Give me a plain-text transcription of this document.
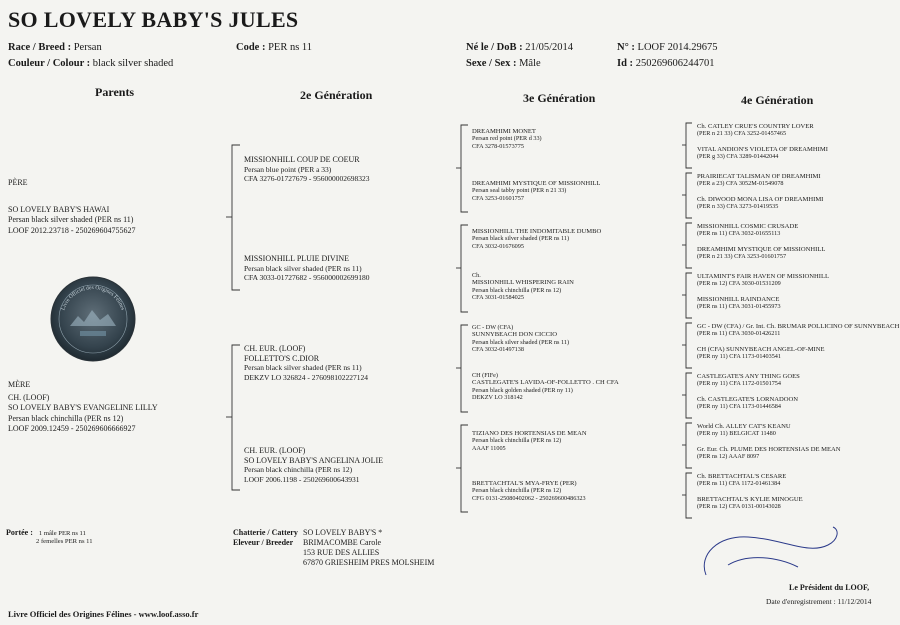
SO LOVELY BABY'S JULES
Race / Breed : Persan
Couleur / Colour : black silver shaded
Code : PER ns 11	Né le / DoB : 21/05/2014
Sexe / Sex : Mâle
N° : LOOF 2014.29675
Id : 250269606244701
Parents	2e Génération	3e Génération	4e Génération
PÈRE
SO LOVELY BABY'S HAWAI
Persan black silver shaded (PER ns 11)
LOOF 2012.23718 - 250269604755627
MÈRE
CH. (LOOF)
SO LOVELY BABY'S EVANGELINE LILLY
Persan black chinchilla (PER ns 12)
LOOF 2009.12459 - 250269606666927
Livre Officiel des Origines Félines
MISSIONHILL COUP DE COEUR
Persan blue point (PER a 33)
CFA 3276-01727679 - 956000002698323
MISSIONHILL PLUIE DIVINE
Persan black silver shaded (PER ns 11)
CFA 3033-01727682 - 956000002699180
CH. EUR. (LOOF)
FOLLETTO'S C.DIOR
Persan black silver shaded (PER ns 11)
DEKZV LO 326824 - 276098102227124
CH. EUR. (LOOF)
SO LOVELY BABY'S ANGELINA JOLIE
Persan black chinchilla (PER ns 12)
LOOF 2006.1198 - 250269600643931
DREAMHIMI MONET
Persan red point (PER d 33)
CFA 3278-01573775
DREAMHIMI MYSTIQUE OF MISSIONHILL
Persan seal tabby point (PER n 21 33)
CFA 3253-01601757
MISSIONHILL THE INDOMITABLE DUMBO
Persan black silver shaded (PER ns 11)
CFA 3032-01676095
Ch.
MISSIONHILL WHISPERING RAIN
Persan black chinchilla (PER ns 12)
CFA 3031-01584025
GC - DW (CFA)
SUNNYBEACH DON CICCIO
Persan black silver shaded (PER ns 11)
CFA 3032-01497138
CH (FIFe)
CASTLEGATE'S LAVIDA-OF-FOLLETTO . CH CFA
Persan black golden shaded (PER ny 11)
DEKZV LO 318142
TIZIANO DES HORTENSIAS DE MEAN
Persan black chinchilla (PER ns 12)
AAAF 11005
BRETTACHTAL'S MYA-FRYE (PER)
Persan black chinchilla (PER ns 12)
CFG 0131-25080402062 - 250269600486323
Ch. CATLEY CRUE'S COUNTRY LOVER
(PER n 21 33) CFA 3252-01457465
VITAL ANDION'S VIOLETA OF DREAMHIMI
(PER g 33) CFA 3289-01442044
PRAIRIECAT TALISMAN OF DREAMHIMI
(PER a 23) CFA 3052M-01549078
Ch. DIWOOD MONA LISA OF DREAMHIMI
(PER n 33) CFA 3273-01419535
MISSIONHILL COSMIC CRUSADE
(PER ns 11) CFA 3032-01655113
DREAMHIMI MYSTIQUE OF MISSIONHILL
(PER n 21 33) CFA 3253-01601757
ULTAMINT'S FAIR HAVEN OF MISSIONHILL
(PER ns 12) CFA 3030-01531209
MISSIONHILL RAINDANCE
(PER ns 11) CFA 3031-01455973
GC - DW (CFA) / Gr. Int. Ch. BRUMAR POLLICINO OF SUNNYBEACH
(PER ns 11) CFA 3030-01426211
CH (CFA) SUNNYBEACH ANGEL-OF-MINE
(PER ny 11) CFA 1173-01403541
CASTLEGATE'S ANY THING GOES
(PER ny 11) CFA 1172-01501754
Ch. CASTLEGATE'S LORNADOON
(PER ny 11) CFA 1173-01446584
World Ch. ALLEY CAT'S KEANU
(PER ny 11) BELGICAT 11480
Gr. Eur. Ch. PLUME DES HORTENSIAS DE MEAN
(PER ns 12) AAAF 8097
Ch. BRETTACHTAL'S CESARE
(PER ns 11) CFA 1172-01461384
BRETTACHTAL'S KYLIE MINOGUE
(PER ns 12) CFA 0131-00143028
Portée : 1 mâle PER ns 11
2 femelles PER ns 11
Chatterie / Cattery
Eleveur / Breeder
SO LOVELY BABY'S *
BRIMACOMBE Carole
153 RUE DES ALLIES
67870 GRIESHEIM PRES MOLSHEIM
Le Président du LOOF,
Date d'enregistrement : 11/12/2014
Livre Officiel des Origines Félines - www.loof.asso.fr
